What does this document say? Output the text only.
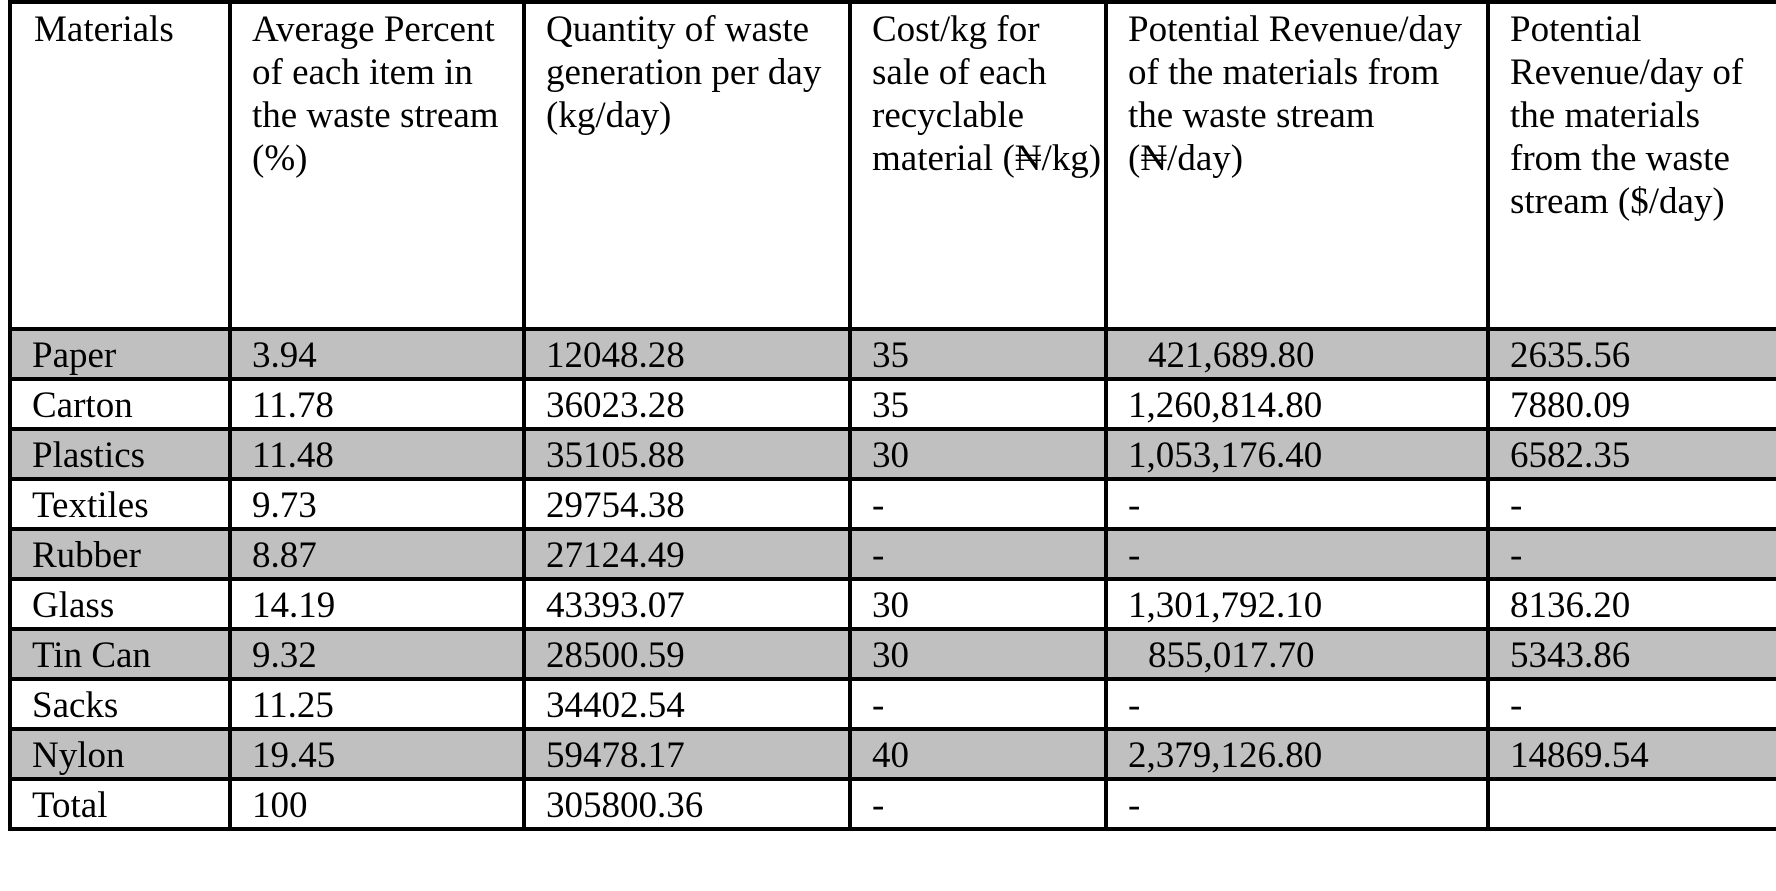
Materials	Average Percent of each item in the waste stream (%)	Quantity of waste generation per day (kg/day)	Cost/kg for sale of each recyclable material (₦/kg)	Potential Revenue/day of the materials from the waste stream (₦/day)	Potential Revenue/day of the materials from the waste stream ($/day)
Paper	3.94	12048.28	35	421,689.80	2635.56
Carton	11.78	36023.28	35	1,260,814.80	7880.09
Plastics	11.48	35105.88	30	1,053,176.40	6582.35
Textiles	9.73	29754.38	-	-	-
Rubber	8.87	27124.49	-	-	-
Glass	14.19	43393.07	30	1,301,792.10	8136.20
Tin Can	9.32	28500.59	30	855,017.70	5343.86
Sacks	11.25	34402.54	-	-	-
Nylon	19.45	59478.17	40	2,379,126.80	14869.54
Total	100	305800.36	-	-	
